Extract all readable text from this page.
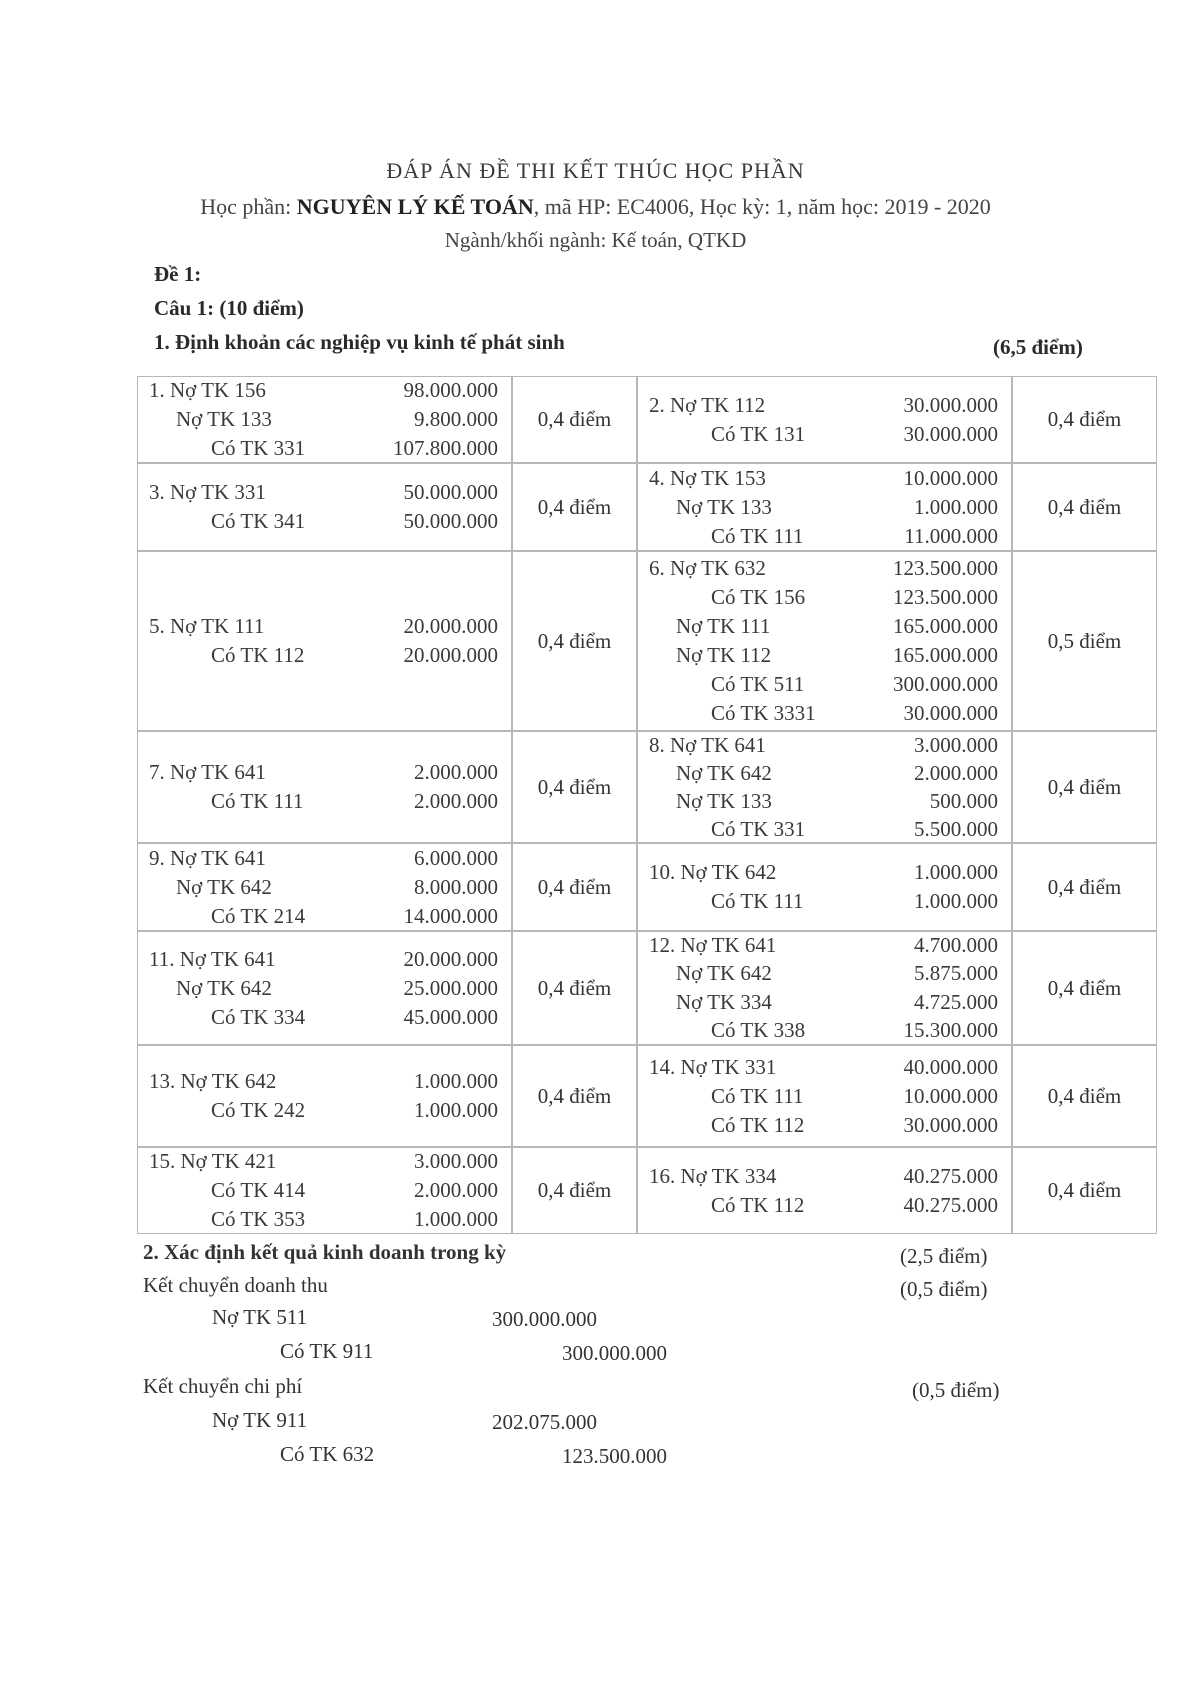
ĐÁP ÁN ĐỀ THI KẾT THÚC HỌC PHẦN
Học phần: NGUYÊN LÝ KẾ TOÁN, mã HP: EC4006, Học kỳ: 1, năm học: 2019 - 2020
Ngành/khối ngành: Kế toán, QTKD
Đề 1:
Câu 1: (10 điểm)
1. Định khoản các nghiệp vụ kinh tế phát sinh	(6,5 điểm)
1. Nợ TK 156	98.000.000
Nợ TK 133	9.800.000
Có TK 331	107.800.000
0,4 điểm
2. Nợ TK 112	30.000.000
Có TK 131	30.000.000
0,4 điểm
3. Nợ TK 331	50.000.000
Có TK 341	50.000.000
0,4 điểm
4. Nợ TK 153	10.000.000
Nợ TK 133	1.000.000
Có TK 111	11.000.000
0,4 điểm
5. Nợ TK 111	20.000.000
Có TK 112	20.000.000
0,4 điểm
6. Nợ TK 632	123.500.000
Có TK 156	123.500.000
Nợ TK 111	165.000.000
Nợ TK 112	165.000.000
Có TK 511	300.000.000
Có TK 3331	30.000.000
0,5 điểm
7. Nợ TK 641	2.000.000
Có TK 111	2.000.000
0,4 điểm
8. Nợ TK 641	3.000.000
Nợ TK 642	2.000.000
Nợ TK 133	500.000
Có TK 331	5.500.000
0,4 điểm
9. Nợ TK 641	6.000.000
Nợ TK 642	8.000.000
Có TK 214	14.000.000
0,4 điểm
10. Nợ TK 642	1.000.000
Có TK 111	1.000.000
0,4 điểm
11. Nợ TK 641	20.000.000
Nợ TK 642	25.000.000
Có TK 334	45.000.000
0,4 điểm
12. Nợ TK 641	4.700.000
Nợ TK 642	5.875.000
Nợ TK 334	4.725.000
Có TK 338	15.300.000
0,4 điểm
13. Nợ TK 642	1.000.000
Có TK 242	1.000.000
0,4 điểm
14. Nợ TK 331	40.000.000
Có TK 111	10.000.000
Có TK 112	30.000.000
0,4 điểm
15. Nợ TK 421	3.000.000
Có TK 414	2.000.000
Có TK 353	1.000.000
0,4 điểm
16. Nợ TK 334	40.275.000
Có TK 112	40.275.000
0,4 điểm
2. Xác định kết quả kinh doanh trong kỳ	(2,5 điểm)
Kết chuyển doanh thu	(0,5 điểm)
Nợ TK 511	300.000.000
Có TK 911	300.000.000
Kết chuyển chi phí	(0,5 điểm)
Nợ TK 911	202.075.000
Có TK 632	123.500.000
